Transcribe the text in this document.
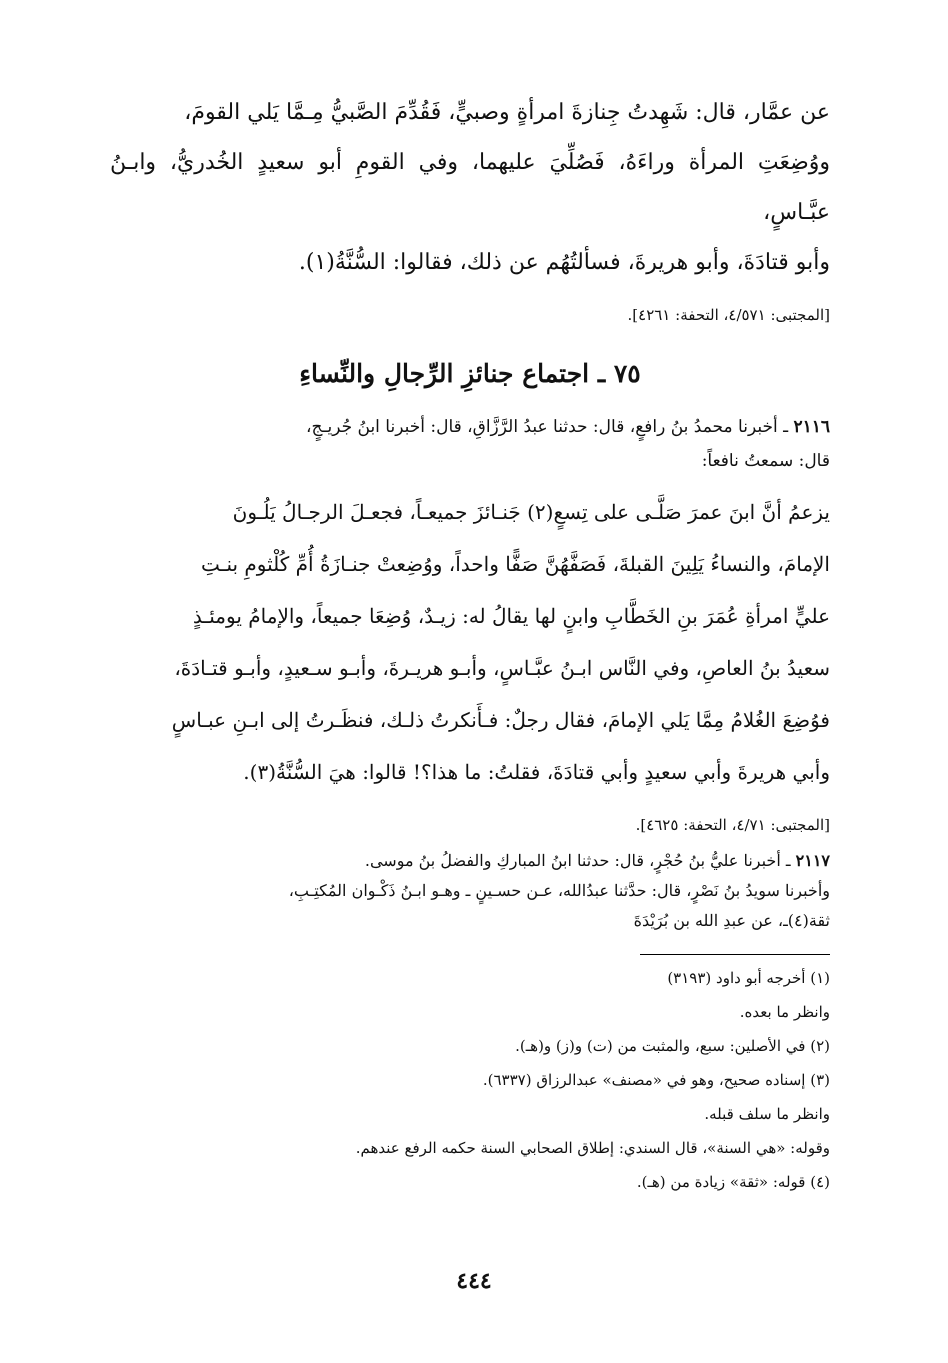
عن عمَّار، قال: شَهِدتُ جِنازةَ امرأةٍ وصبيٍّ، فَقُدِّمَ الصَّبيُّ مِـمَّا يَلي القومَ،

ووُضِعَتِ المرأة وراءَهُ، فَصُلِّيَ عليهما، وفي القومِ أبو سعيدٍ الخُدريُّ، وابـنُ عبَّـاسٍ،

وأبو قتادَةَ، وأبو هريرةَ، فسألتُهُم عن ذلك، فقالوا: السُّنَّةُ(١).

[المجتبى: ٤/٥٧١، التحفة: ٤٢٦١].

٧٥ ـ اجتماع جنائزِ الرِّجالِ والنِّساءِ

٢١١٦ ـ أخبرنا محمدُ بنُ رافعٍ، قال: حدثنا عبدُ الرَّزَّاقِ، قال: أخبرنا ابنُ جُريـجٍ،

قال: سمعتُ نافعاً:

يزعمُ أنَّ ابنَ عمرَ صَلَّـى على تِسعٍ(٢) جَنـائزَ جميعـاً، فجعـلَ الرجـالُ يَلُـونَ

الإمامَ، والنساءُ يَلِينَ القبلةَ، فَصَفَّهُنَّ صَفًّا واحداً، ووُضِعتْ جنـازَةُ أُمِّ كُلْثومِ بنـتِ

عليٍّ امرأةِ عُمَرَ بنِ الخَطَّابِ وابنٍ لها يقالُ له: زيـدٌ، وُضِعَا جميعاً، والإمامُ يومئـذٍ

سعيدُ بنُ العاصِ، وفي النَّاس ابـنُ عبَّـاسٍ، وأبـو هريـرةَ، وأبـو سـعيدٍ، وأبـو قتـادَةَ،

فوُضِعَ الغُلامُ مِمَّا يَلي الإمامَ، فقال رجلٌ: فـأَنكرتُ ذلـك، فنظَـرتُ إلى ابـنِ عبـاسٍ

وأبي هريرةَ وأبي سعيدٍ وأبي قتادَةَ، فقلتُ: ما هذا؟! قالوا: هيَ السُّنَّةُ(٣).

[المجتبى: ٤/٧١، التحفة: ٤٦٢٥].

٢١١٧ ـ أخبرنا عليُّ بنُ حُجْرٍ، قال: حدثنا ابنُ المباركِ والفضلُ بنُ موسى.

وأخبرنا سويدُ بنُ نَصْرٍ، قال: حدَّثنا عبدُالله، عـن حسـينٍ ـ وهـو ابـنُ ذَكْـوان المُكتِـبِ،

ثقة(٤)ـ، عن عبدِ الله بن بُرَيْدَةَ

(١) أخرجه أبو داود (٣١٩٣)
وانظر ما بعده.
(٢) في الأصلين: سبع، والمثبت من (ت) و(ز) و(هـ).
(٣) إسناده صحيح، وهو في «مصنف» عبدالرزاق (٦٣٣٧).
وانظر ما سلف قبله.
وقوله: «هي السنة»، قال السندي: إطلاق الصحابي السنة حكمه الرفع عندهم.
(٤) قوله: «ثقة» زيادة من (هـ).
٤٤٤
